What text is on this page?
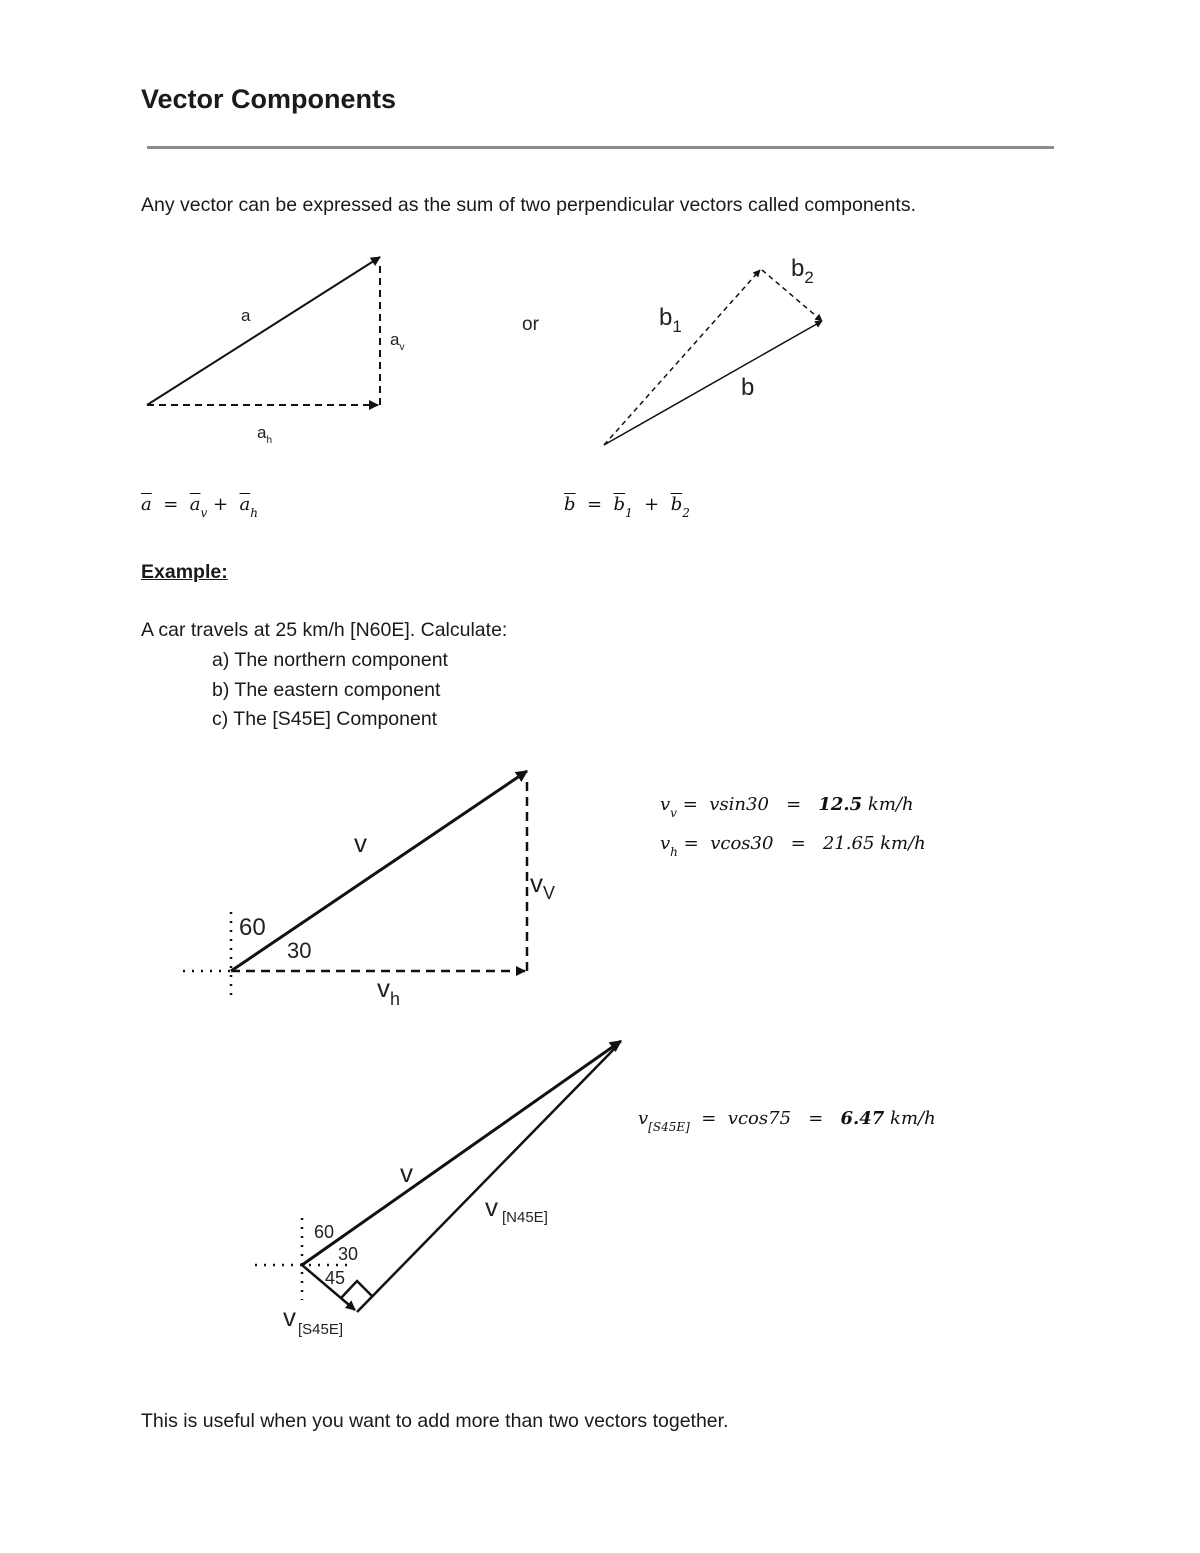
Vector Components
Any vector can be expressed as the sum of two perpendicular vectors called components.
a
$a_v$
$a_h$
or
b
$b_1$
$b_2$
$\overline{a} = \overline{a}_v + \overline{a}_h$	$\overline{b} = \overline{b}_1 + \overline{b}_2$
Example:
A car travels at 25 km/h [N60E]. Calculate:
a) The northern component
b) The eastern component
c) The [S45E] Component
v
60
30
$v_V$
$v_h$
v
v $_{[N45E]}$
60
30
45
v $_{[S45E]}$
$v_v = vsin30 = 12.5$ km/h
$v_h = vcos30 = 21.65$ km/h
$v_{[S45E]} = vcos75 = 6.47$ km/h
This is useful when you want to add more than two vectors together.
